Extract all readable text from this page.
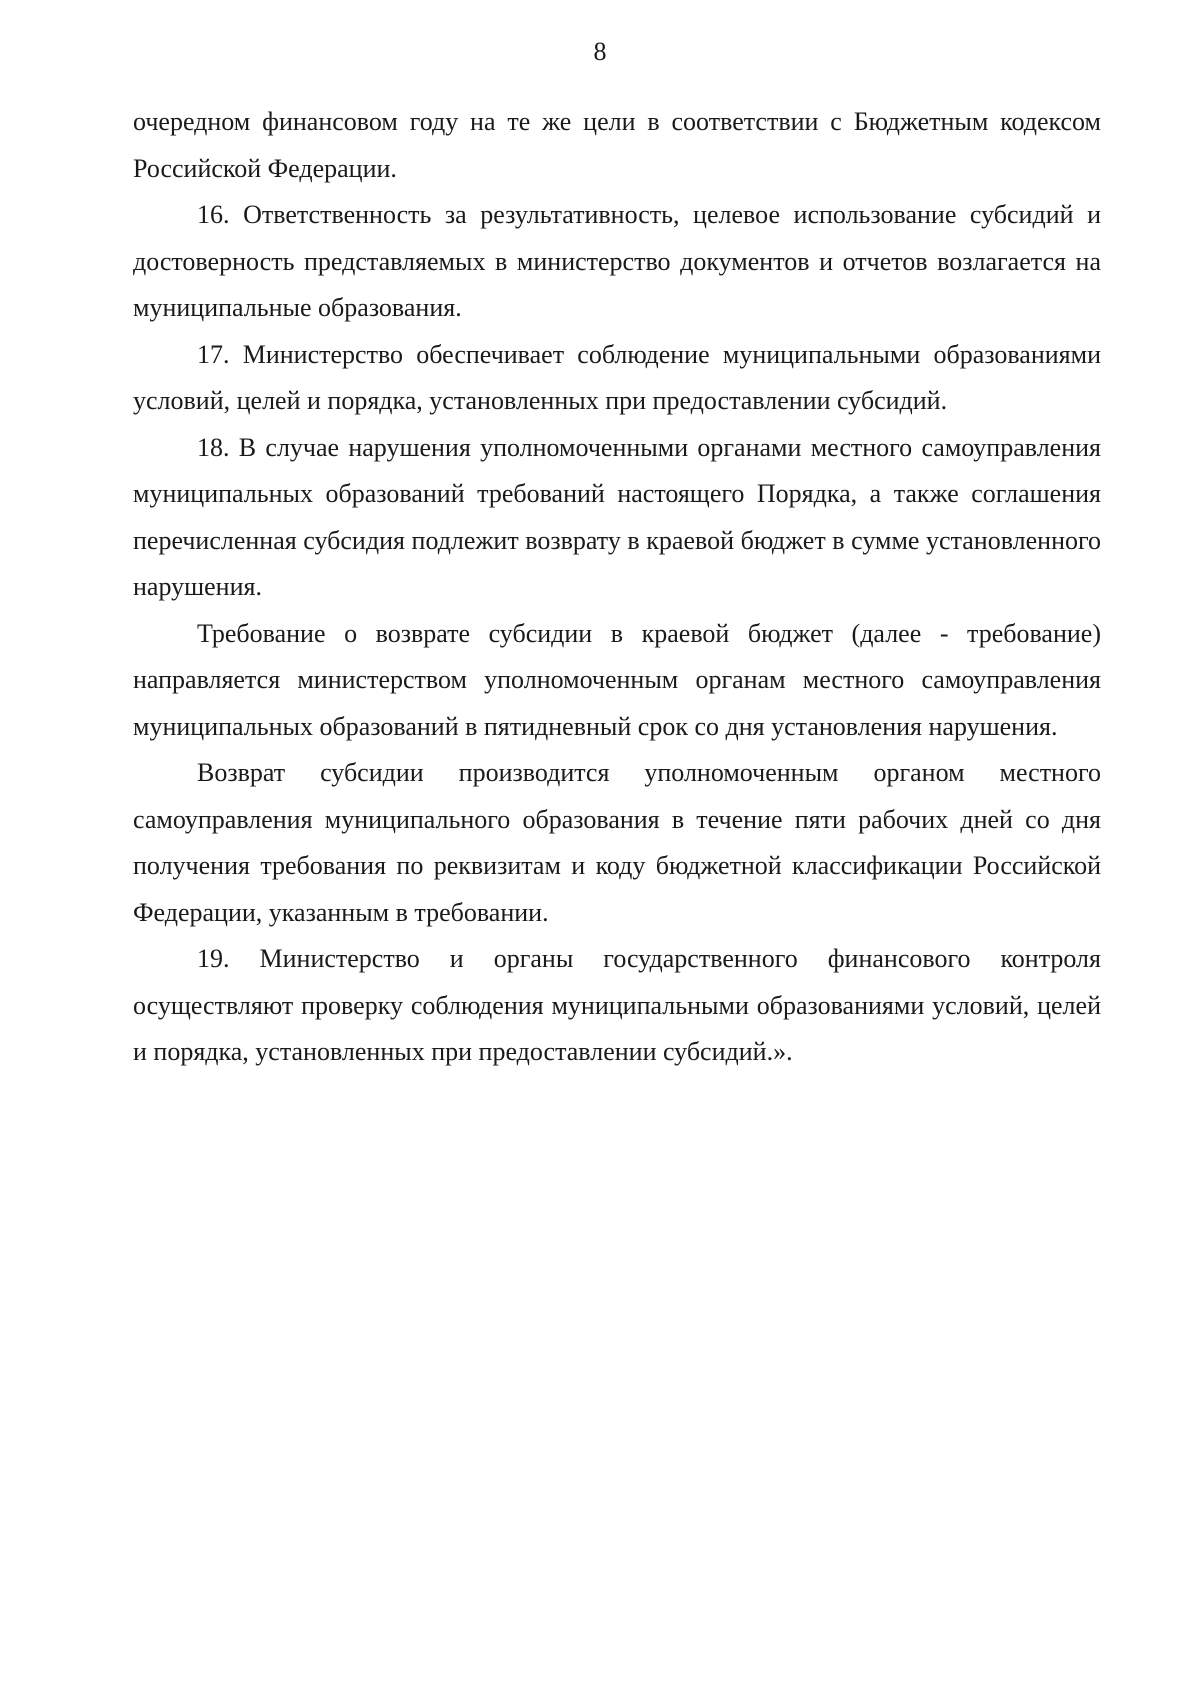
8

очередном финансовом году на те же цели в соответствии с Бюджетным кодексом Российской Федерации.

16. Ответственность за результативность, целевое использование субсидий и достоверность представляемых в министерство документов и отчетов возлагается на муниципальные образования.

17. Министерство обеспечивает соблюдение муниципальными образованиями условий, целей и порядка, установленных при предоставлении субсидий.

18. В случае нарушения уполномоченными органами местного самоуправления муниципальных образований требований настоящего Порядка, а также соглашения перечисленная субсидия подлежит возврату в краевой бюджет в сумме установленного нарушения.

Требование о возврате субсидии в краевой бюджет (далее - требование) направляется министерством уполномоченным органам местного самоуправления муниципальных образований в пятидневный срок со дня установления нарушения.

Возврат субсидии производится уполномоченным органом местного самоуправления муниципального образования в течение пяти рабочих дней со дня получения требования по реквизитам и коду бюджетной классификации Российской Федерации, указанным в требовании.

19. Министерство и органы государственного финансового контроля осуществляют проверку соблюдения муниципальными образованиями условий, целей и порядка, установленных при предоставлении субсидий.».
